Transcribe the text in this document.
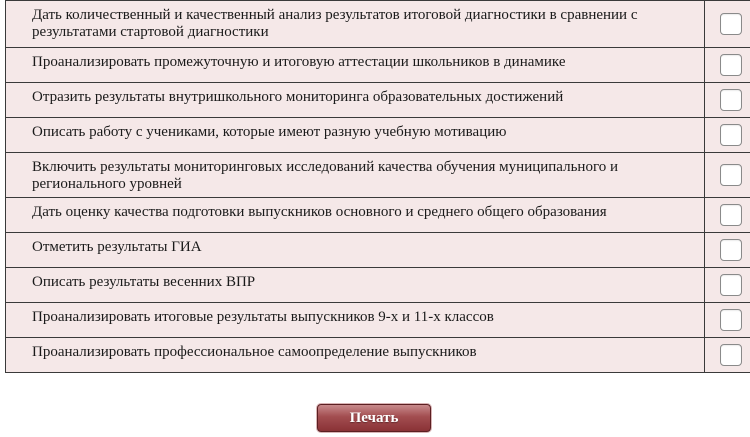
Дать количественный и качественный анализ результатов итоговой диагностики в сравнении с результатами стартовой диагностики	
Проанализировать промежуточную и итоговую аттестации школьников в динамике	
Отразить результаты внутришкольного мониторинга образовательных достижений	
Описать работу с учениками, которые имеют разную учебную мотивацию	
Включить результаты мониторинговых исследований качества обучения муниципального и регионального уровней	
Дать оценку качества подготовки выпускников основного и среднего общего образования	
Отметить результаты ГИА	
Описать результаты весенних ВПР	
Проанализировать итоговые результаты выпускников 9-х и 11-х классов	
Проанализировать профессиональное самоопределение выпускников	
Печать
